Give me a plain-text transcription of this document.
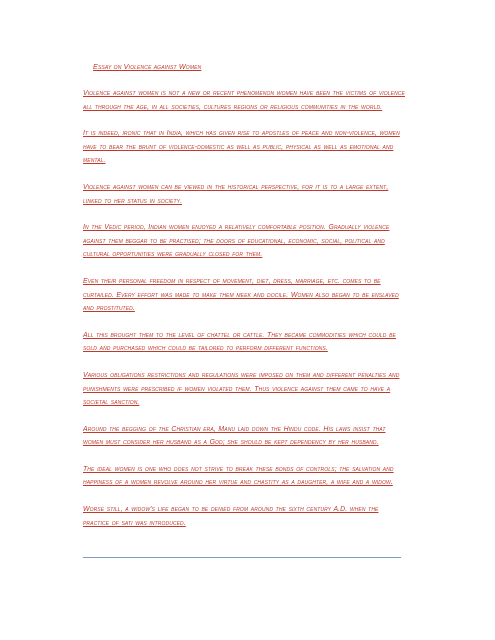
Essay on Violence against Women

Violence against women is not a new or recent phenomenon women have been the victims of violence all through the age, in all societies, cultures regions or religious communities in the world.

It is indeed, ironic that in India, which has given rise to apostles of peace and non-violence, women have to bear the brunt of violence-domestic as well as public, physical as well as emotional and mental.

Violence against women can be viewed in the historical perspective, for it is to a large extent, linked to her status in society.

In the Vedic period, Indian women enjoyed a relatively comfortable position. Gradually violence against them beggar to be practised; the doors of educational, economic, social, political and cultural opportunities were gradually closed for them.

Even their personal freedom in respect of movement, diet, dress, marriage, etc. comes to be curtailed. Every effort was made to make them meek and docile. Women also began to be enslaved and prostituted.

All this brought them to the level of chattel or cattle. They became commodities which could be sold and purchased which could be tailored to perform different functions.

Various obligations restrictions and regulations were imposed on them and different penalties and punishments were prescribed if women violated them. Thus violence against them came to have a societal sanction.

Around the begging of the Christian era, Manu laid down the Hindu code. His laws insist that women must consider her husband as a God; she should be kept dependency by her husband.

The ideal women is one who does not strive to break these bonds of controls; the salvation and happiness of a women revolve around her virtue and chastity as a daughter, a wife and a widow.

Worse still, a widow's life began to be denied from around the sixth century A.D. when the practice of sati was introduced.
